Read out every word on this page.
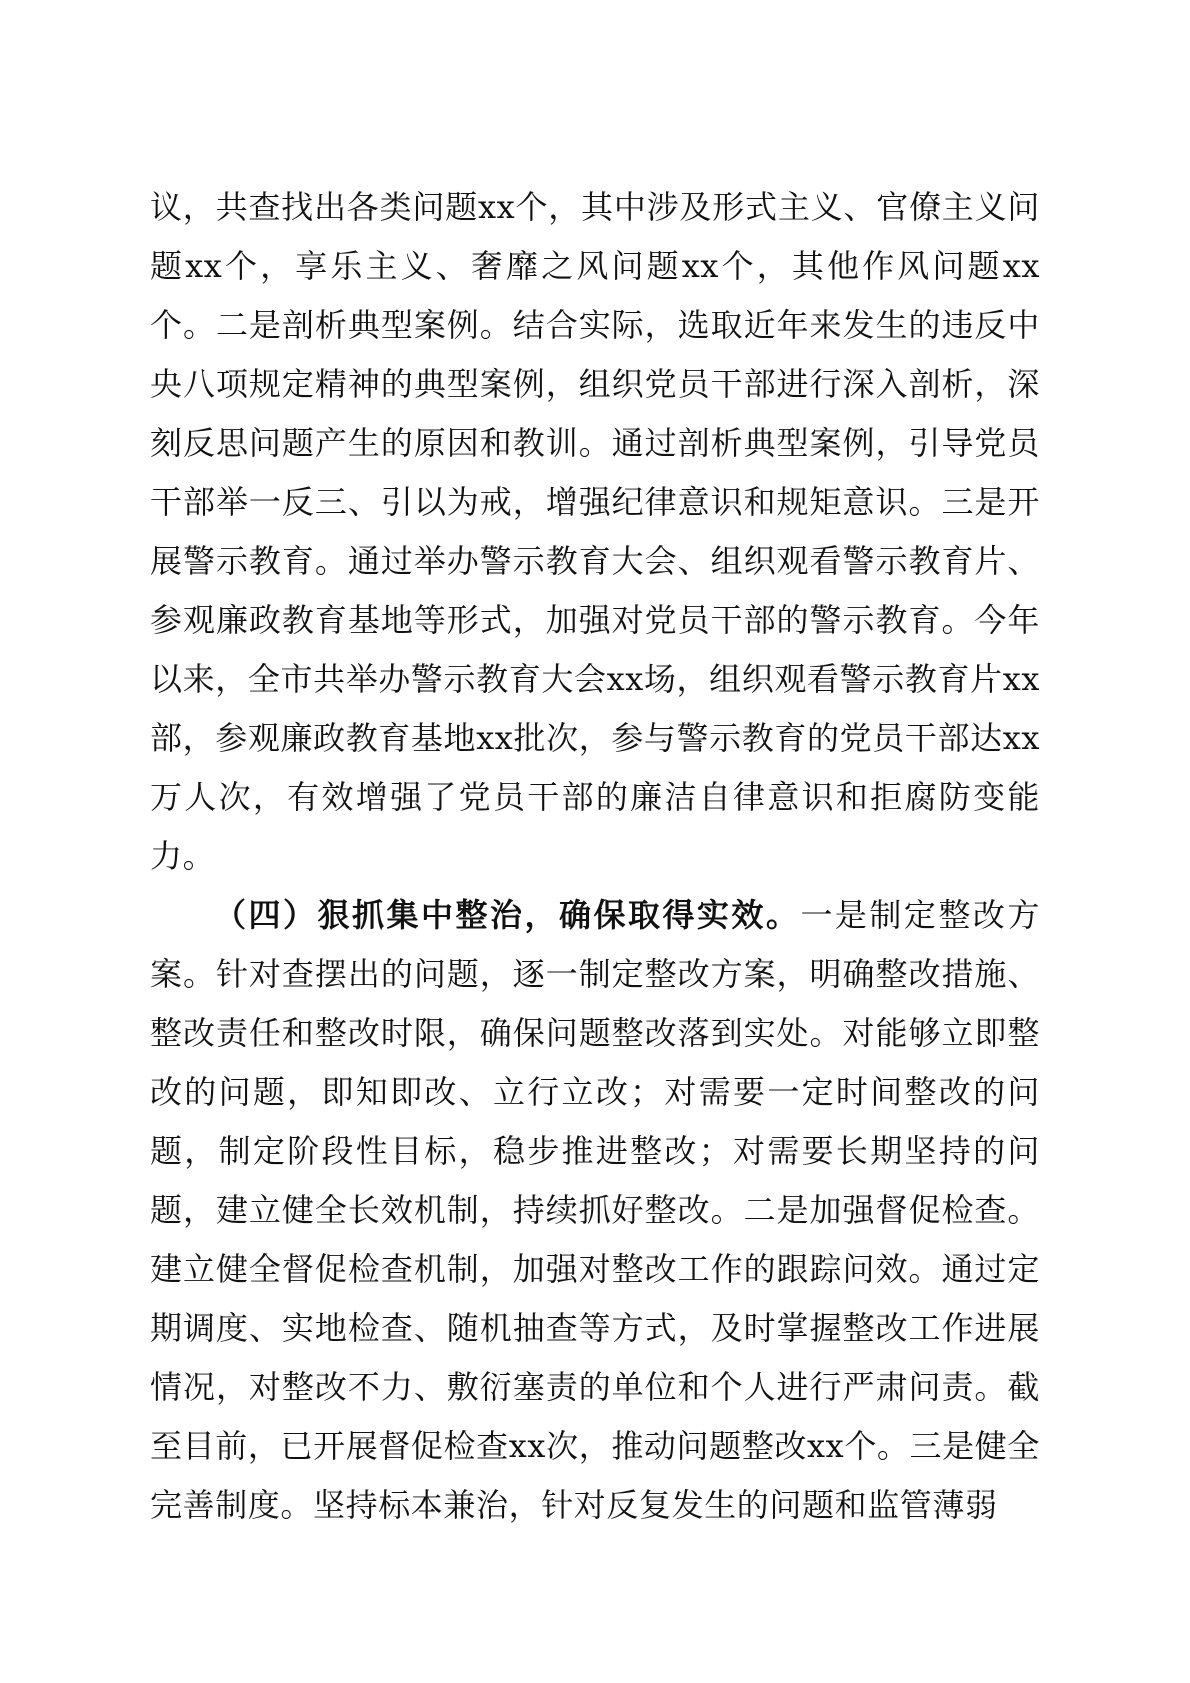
议，共查找出各类问题xx个，其中涉及形式主义、官僚主义问题xx个，享乐主义、奢靡之风问题xx个，其他作风问题xx个。二是剖析典型案例。结合实际，选取近年来发生的违反中央八项规定精神的典型案例，组织党员干部进行深入剖析，深刻反思问题产生的原因和教训。通过剖析典型案例，引导党员干部举一反三、引以为戒，增强纪律意识和规矩意识。三是开展警示教育。通过举办警示教育大会、组织观看警示教育片、参观廉政教育基地等形式，加强对党员干部的警示教育。今年以来，全市共举办警示教育大会xx场，组织观看警示教育片xx部，参观廉政教育基地xx批次，参与警示教育的党员干部达xx万人次，有效增强了党员干部的廉洁自律意识和拒腐防变能力。

（四）狠抓集中整治，确保取得实效。一是制定整改方案。针对查摆出的问题，逐一制定整改方案，明确整改措施、整改责任和整改时限，确保问题整改落到实处。对能够立即整改的问题，即知即改、立行立改；对需要一定时间整改的问题，制定阶段性目标，稳步推进整改；对需要长期坚持的问题，建立健全长效机制，持续抓好整改。二是加强督促检查。建立健全督促检查机制，加强对整改工作的跟踪问效。通过定期调度、实地检查、随机抽查等方式，及时掌握整改工作进展情况，对整改不力、敷衍塞责的单位和个人进行严肃问责。截至目前，已开展督促检查xx次，推动问题整改xx个。三是健全完善制度。坚持标本兼治，针对反复发生的问题和监管薄弱
